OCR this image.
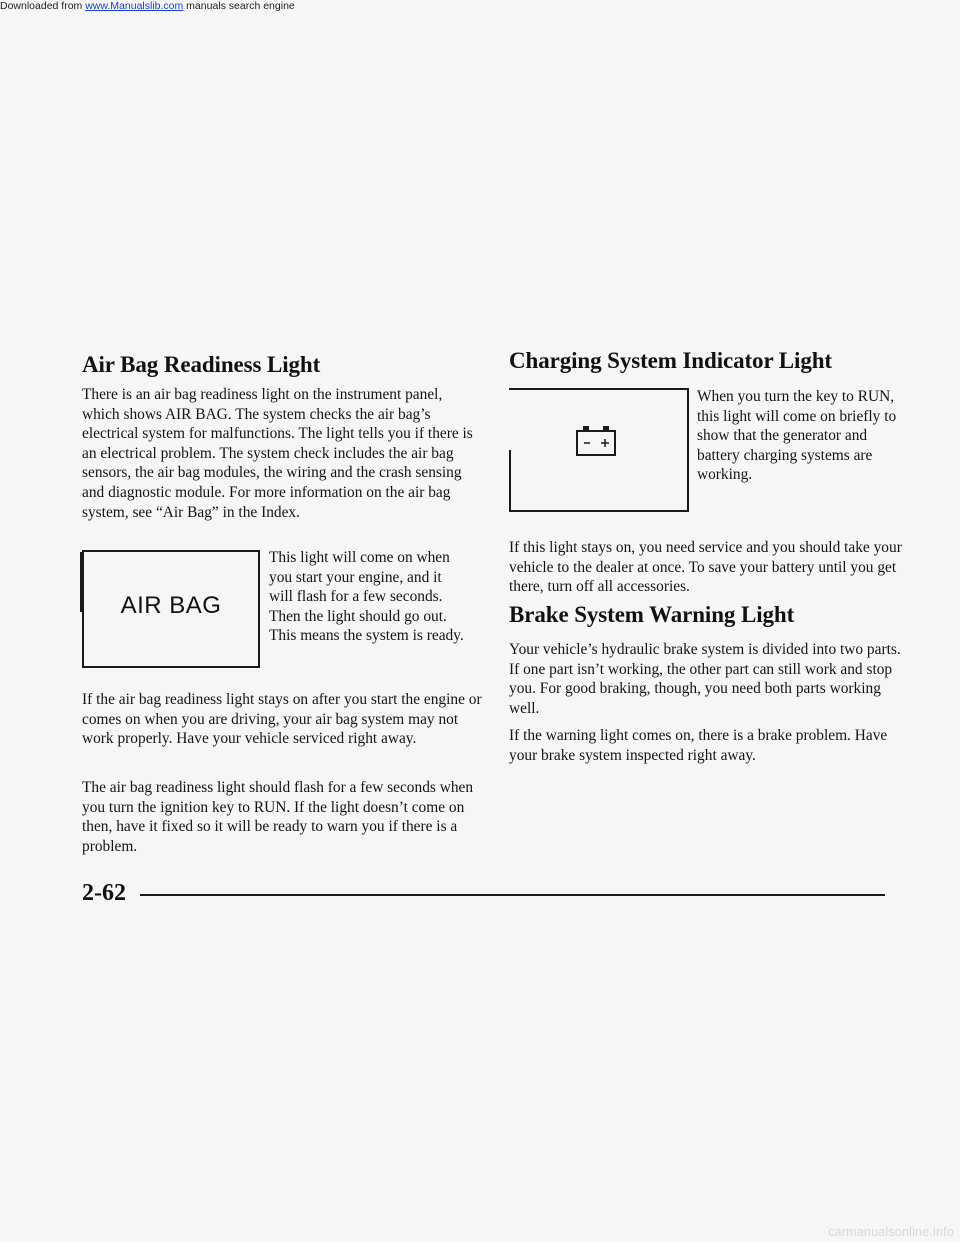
Downloaded from www.Manualslib.com manuals search engine
Air Bag Readiness Light

There is an air bag readiness light on the instrument panel, which shows AIR BAG. The system checks the air bag’s electrical system for malfunctions. The light tells you if there is an electrical problem. The system check includes the air bag sensors, the air bag modules, the wiring and the crash sensing and diagnostic module. For more information on the air bag system, see “Air Bag” in the Index.

AIR BAG

This light will come on when you start your engine, and it will flash for a few seconds. Then the light should go out. This means the system is ready.

If the air bag readiness light stays on after you start the engine or comes on when you are driving, your air bag system may not work properly. Have your vehicle serviced right away.

The air bag readiness light should flash for a few seconds when you turn the ignition key to RUN. If the light doesn’t come on then, have it fixed so it will be ready to warn you if there is a problem.

Charging System Indicator Light

When you turn the key to RUN, this light will come on briefly to show that the generator and battery charging systems are working.

If this light stays on, you need service and you should take your vehicle to the dealer at once. To save your battery until you get there, turn off all accessories.

Brake System Warning Light

Your vehicle’s hydraulic brake system is divided into two parts. If one part isn’t working, the other part can still work and stop you. For good braking, though, you need both parts working well.

If the warning light comes on, there is a brake problem. Have your brake system inspected right away.

2-62
carmanualsonline.info
